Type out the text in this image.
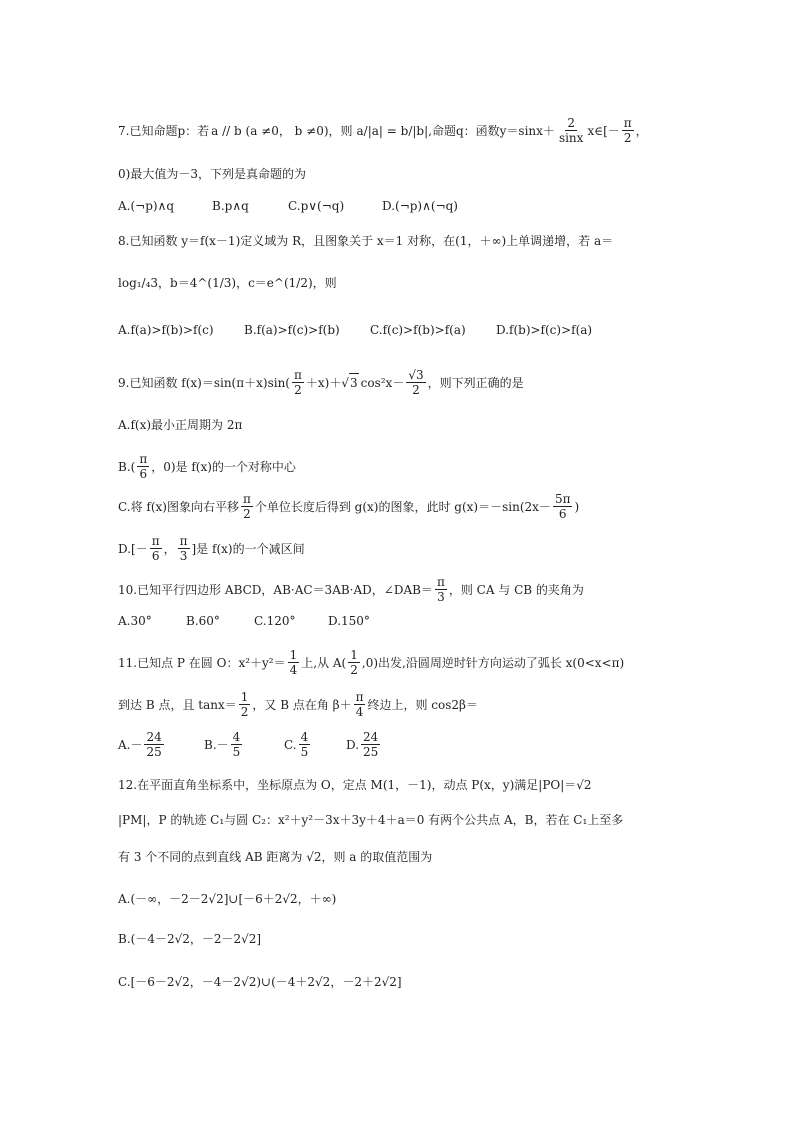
7.已知命题p：若 a // b (a ≠0， b ≠0)，则 a/|a| = b/|b| ,命题q：函数$y=\sin x+ \frac{2}{\sin x}$ x∈[－ $\frac{\pi}{2}$ ，
0)最大值为－3，下列是真命题的为
A.(¬p)∧q	B.p∧q	C.p∨(¬q)	D.(¬p)∧(¬q)
8.已知函数 y＝f(x－1)定义域为 R，且图象关于 x＝1 对称，在(1，＋∞)上单调递增，若 a＝
log₁/₄3，b＝4^(1/3)，c＝e^(1/2)，则
A.f(a)>f(b)>f(c)	B.f(a)>f(c)>f(b)	C.f(c)>f(b)>f(a)	D.f(b)>f(c)>f(a)
9.已知函数 $f(x)=\sin(\pi+x)\sin( \frac{\pi}{2} +x)+$ √ 3 $\cos^2x- \frac{√3}{2}$ ，则下列正确的是
A.f(x)最小正周期为 2π
$B.( \frac{\pi}{6}$ ，0)是 f(x)的一个对称中心
C.将 f(x)图象向右平移 $\frac{\pi}{2}$ 个单位长度后得到 g(x)的图象，此时 $g(x)=-\sin(2x- \frac{5\pi}{6}$ )
$D.[- \frac{\pi}{6}$ ， $\frac{\pi}{3}$ ]是 f(x)的一个减区间
10.已知平行四边形 ABCD，AB·AC＝3AB·AD，∠DAB＝ $\frac{\pi}{3}$ ，则 CA 与 CB 的夹角为
A.30°	B.60°	C.120°	D.150°
11.已知点 P 在圆 O：$x^2+y^2= \frac{1}{4}$ 上,从 $A( \frac{1}{2} ,0)$出发,沿圆周逆时针方向运动了弧长 x(0<x<π)
到达 B 点，且 $\tan x= \frac{1}{2}$ ，又 B 点在角 $\beta+ \frac{\pi}{4}$ 终边上，则 cos2β＝
$A.- \frac{24}{25}$	$B.- \frac{4}{5}$	C. $\frac{4}{5}$	D. $\frac{24}{25}$
12.在平面直角坐标系中，坐标原点为 O，定点 M(1，－1)，动点 P(x，y)满足|PO|＝√2
|PM|，P 的轨迹 C₁与圆 C₂：x²＋y²－3x＋3y＋4＋a＝0 有两个公共点 A，B，若在 C₁上至多
有 3 个不同的点到直线 AB 距离为 √2，则 a 的取值范围为
A.(－∞，－2－2√2]∪[－6＋2√2，＋∞)
B.(－4－2√2，－2－2√2]
C.[－6－2√2，－4－2√2)∪(－4＋2√2，－2＋2√2]
